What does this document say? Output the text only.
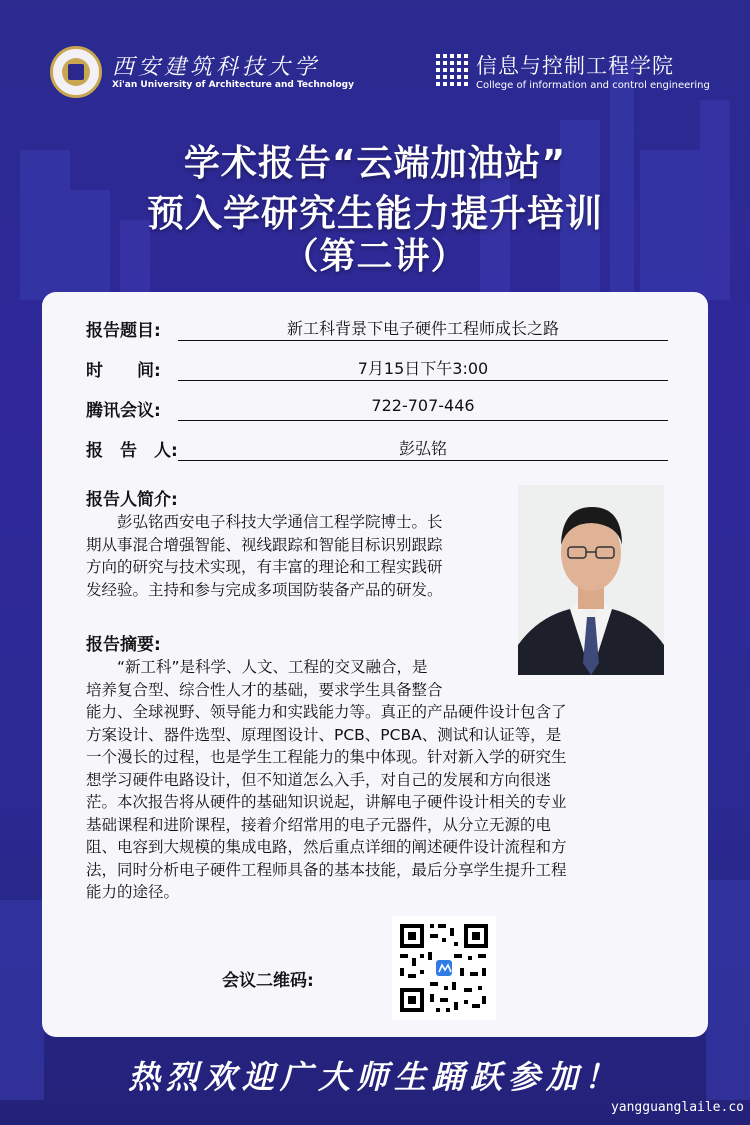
西安建筑科技大学
Xi'an University of Architecture and Technology
信息与控制工程学院
College of information and control engineering
学术报告“云端加油站”
预入学研究生能力提升培训
（第二讲）
报告题目:	新工科背景下电子硬件工程师成长之路
时　　间:	7月15日下午3:00
腾讯会议:	722-707-446
报　告　人:	彭弘铭
报告人简介:
　　彭弘铭西安电子科技大学通信工程学院博士。长
期从事混合增强智能、视线跟踪和智能目标识别跟踪
方向的研究与技术实现，有丰富的理论和工程实践研
发经验。主持和参与完成多项国防装备产品的研发。
报告摘要:
　　“新工科”是科学、人文、工程的交叉融合，是
培养复合型、综合性人才的基础，要求学生具备整合
能力、全球视野、领导能力和实践能力等。真正的产品硬件设计包含了
方案设计、器件选型、原理图设计、PCB、PCBA、测试和认证等，是
一个漫长的过程，也是学生工程能力的集中体现。针对新入学的研究生
想学习硬件电路设计，但不知道怎么入手，对自己的发展和方向很迷
茫。本次报告将从硬件的基础知识说起，讲解电子硬件设计相关的专业
基础课程和进阶课程，接着介绍常用的电子元器件，从分立无源的电
阻、电容到大规模的集成电路，然后重点详细的阐述硬件设计流程和方
法，同时分析电子硬件工程师具备的基本技能，最后分享学生提升工程
能力的途径。
会议二维码:
热烈欢迎广大师生踊跃参加！
yangguanglaile.co
